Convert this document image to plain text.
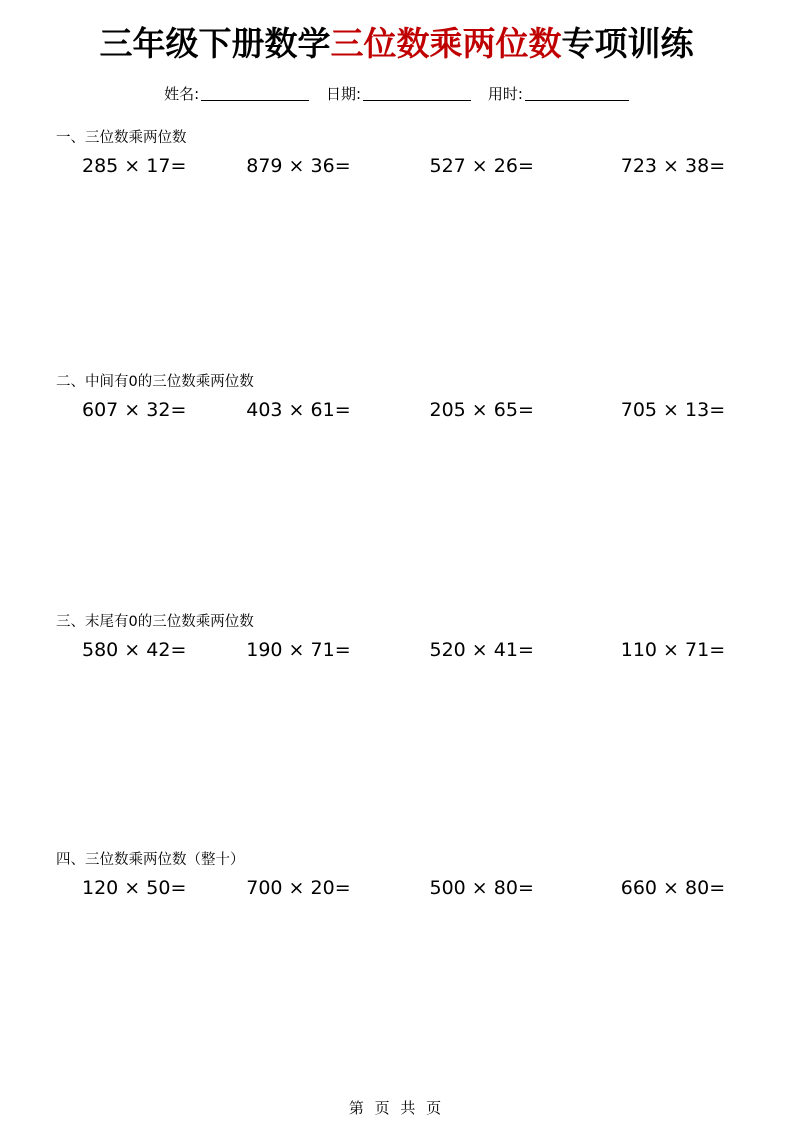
三年级下册数学三位数乘两位数专项训练
姓名:	日期:	用时:
一、三位数乘两位数
285 × 17=	879 × 36=	527 × 26=	723 × 38=
二、中间有0的三位数乘两位数
607 × 32=	403 × 61=	205 × 65=	705 × 13=
三、末尾有0的三位数乘两位数
580 × 42=	190 × 71=	520 × 41=	110 × 71=
四、三位数乘两位数（整十）
120 × 50=	700 × 20=	500 × 80=	660 × 80=
第 页 共 页
